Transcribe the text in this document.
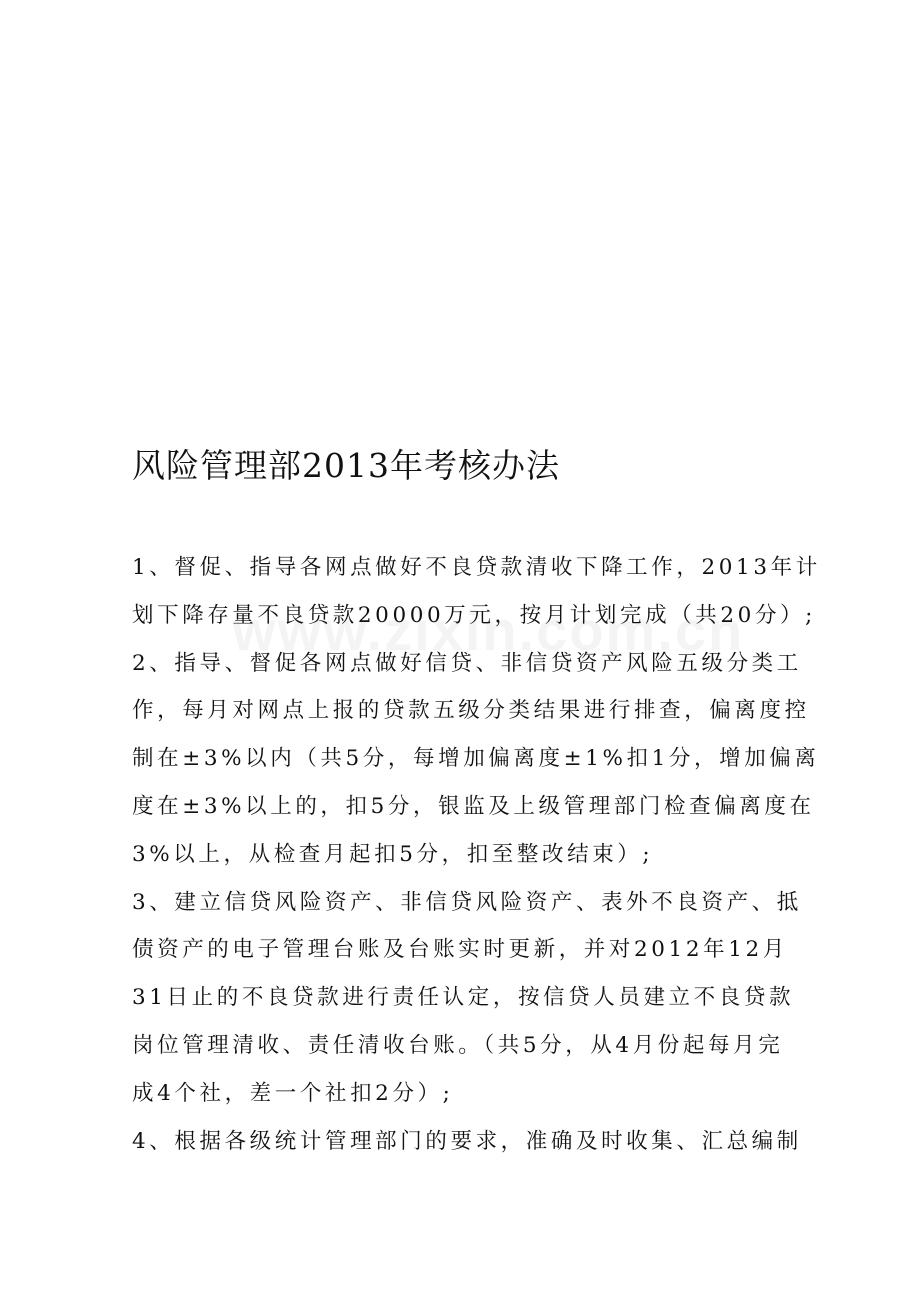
风险管理部2013年考核办法
1、督促、指导各网点做好不良贷款清收下降工作，2013年计
划下降存量不良贷款20000万元，按月计划完成（共20分）;
2、指导、督促各网点做好信贷、非信贷资产风险五级分类工
作，每月对网点上报的贷款五级分类结果进行排查，偏离度控
制在±3%以内（共5分，每增加偏离度±1%扣1分，增加偏离
度在±3%以上的，扣5分，银监及上级管理部门检查偏离度在
3%以上，从检查月起扣5分，扣至整改结束）;
3、建立信贷风险资产、非信贷风险资产、表外不良资产、抵
债资产的电子管理台账及台账实时更新，并对2012年12月
31日止的不良贷款进行责任认定，按信贷人员建立不良贷款
岗位管理清收、责任清收台账。（共5分，从4月份起每月完
成4个社，差一个社扣2分）;
4、根据各级统计管理部门的要求，准确及时收集、汇总编制
